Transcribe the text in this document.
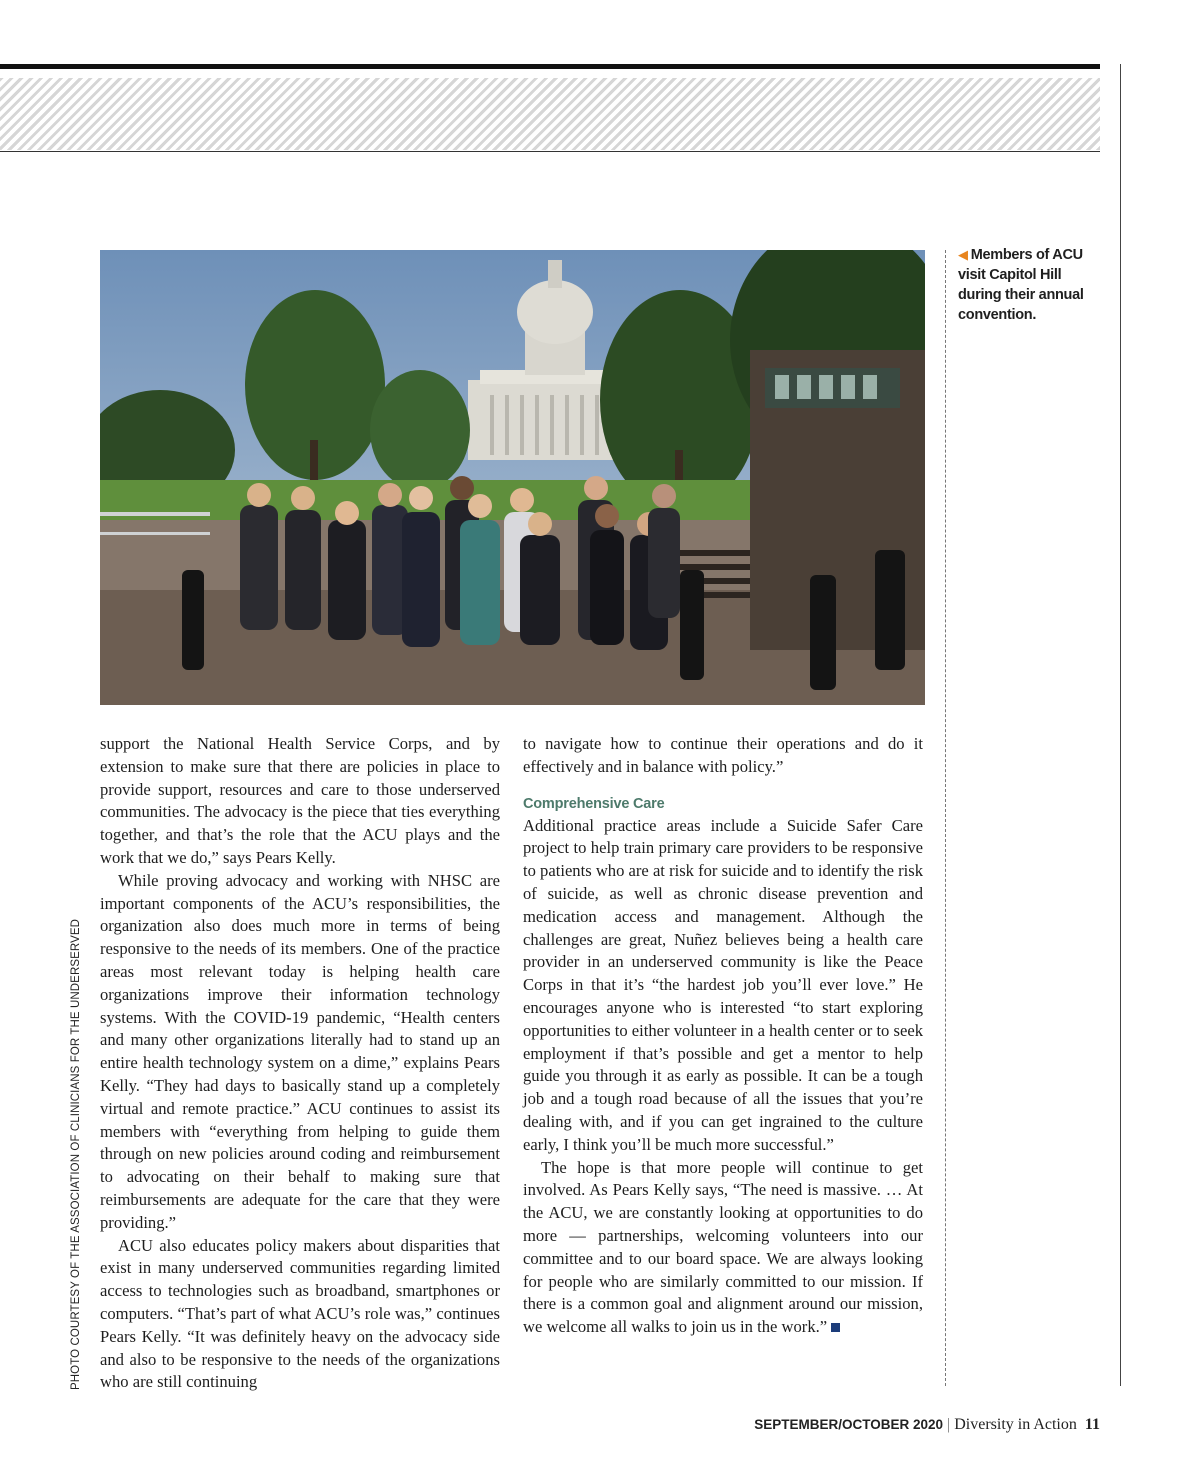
◀ Members of ACU visit Capitol Hill during their annual convention.

support the National Health Service Corps, and by extension to make sure that there are policies in place to provide support, resources and care to those underserved communities. The advocacy is the piece that ties everything together, and that’s the role that the ACU plays and the work that we do,” says Pears Kelly.

While proving advocacy and working with NHSC are important components of the ACU’s responsibilities, the organization also does much more in terms of being responsive to the needs of its members. One of the practice areas most relevant today is helping health care organizations improve their information technology systems. With the COVID-19 pandemic, “Health centers and many other organizations literally had to stand up an entire health technology system on a dime,” explains Pears Kelly. “They had days to basically stand up a completely virtual and remote practice.” ACU continues to assist its members with “everything from helping to guide them through on new policies around coding and reimbursement to advocating on their behalf to making sure that reimbursements are adequate for the care that they were providing.”

ACU also educates policy makers about disparities that exist in many underserved communities regarding limited access to technologies such as broadband, smartphones or computers. “That’s part of what ACU’s role was,” continues Pears Kelly. “It was definitely heavy on the advocacy side and also to be responsive to the needs of the organizations who are still continuing

to navigate how to continue their operations and do it effectively and in balance with policy.”

Comprehensive Care

Additional practice areas include a Suicide Safer Care project to help train primary care providers to be responsive to patients who are at risk for suicide and to identify the risk of suicide, as well as chronic disease prevention and medication access and management. Although the challenges are great, Nuñez believes being a health care provider in an underserved community is like the Peace Corps in that it’s “the hardest job you’ll ever love.” He encourages anyone who is interested “to start exploring opportunities to either volunteer in a health center or to seek employment if that’s possible and get a mentor to help guide you through it as early as possible. It can be a tough job and a tough road because of all the issues that you’re dealing with, and if you can get ingrained to the culture early, I think you’ll be much more successful.”

The hope is that more people will continue to get involved. As Pears Kelly says, “The need is massive. … At the ACU, we are constantly looking at opportunities to do more — partnerships, welcoming volunteers into our committee and to our board space. We are always looking for people who are similarly committed to our mission. If there is a common goal and alignment around our mission, we welcome all walks to join us in the work.”

PHOTO COURTESY OF THE ASSOCIATION OF CLINICIANS FOR THE UNDERSERVED
SEPTEMBER/OCTOBER 2020 | Diversity in Action 11
